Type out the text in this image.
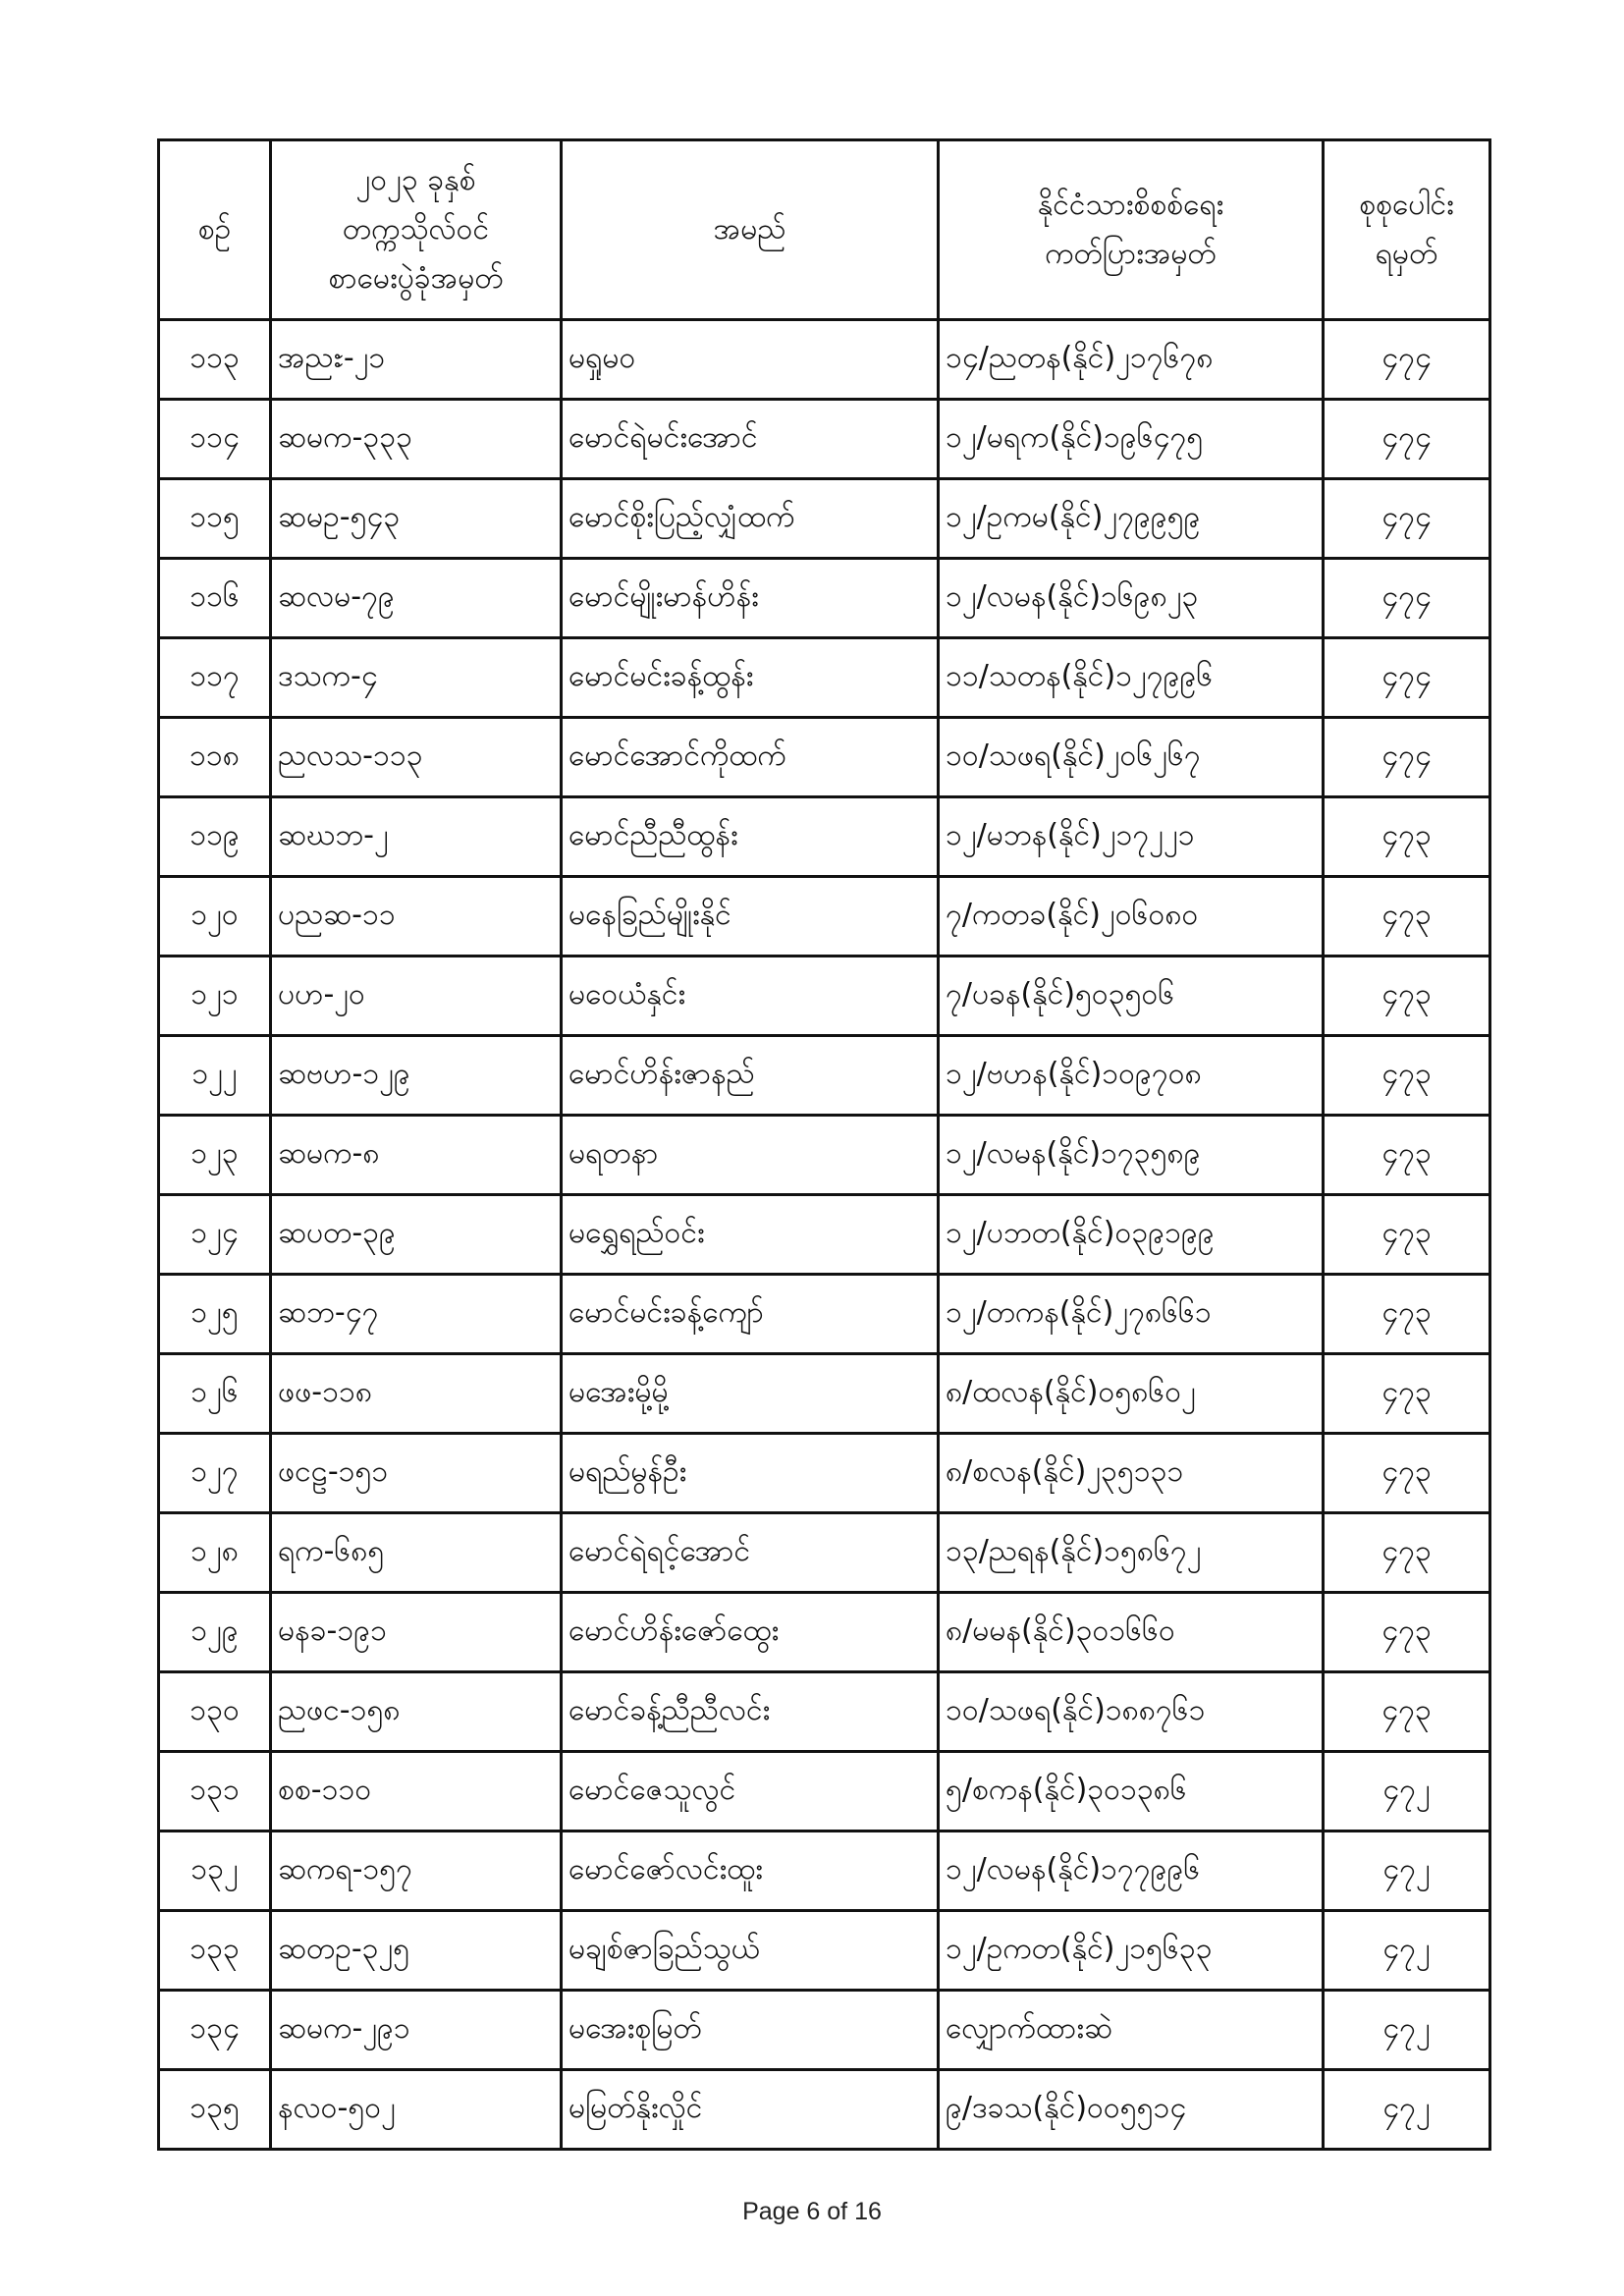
စဉ်	၂၀၂၃ ခုနှစ်
တက္ကသိုလ်ဝင်
စာမေးပွဲခုံအမှတ်	အမည်	နိုင်ငံသားစိစစ်ရေး
ကတ်ပြားအမှတ်	စုစုပေါင်း
ရမှတ်

၁၁၃	အညႊ-၂၁	မရှုမဝ	၁၄/ညတန(နိုင်)၂၁၇၆၇၈	၄၇၄
၁၁၄	ဆမက-၃၃၃	မောင်ရဲမင်းအောင်	၁၂/မရက(နိုင်)၁၉၆၄၇၅	၄၇၄
၁၁၅	ဆမဥ-၅၄၃	မောင်စိုးပြည့်လျှံထက်	၁၂/ဥကမ(နိုင်)၂၇၉၉၅၉	၄၇၄
၁၁၆	ဆလမ-၇၉	မောင်မျိုးမာန်ဟိန်း	၁၂/လမန(နိုင်)၁၆၉၈၂၃	၄၇၄
၁၁၇	ဒသက-၄	မောင်မင်းခန့်ထွန်း	၁၁/သတန(နိုင်)၁၂၇၉၉၆	၄၇၄
၁၁၈	ညလသ-၁၁၃	မောင်အောင်ကိုထက်	၁၀/သဖရ(နိုင်)၂၀၆၂၆၇	၄၇၄
၁၁၉	ဆဃဘ-၂	မောင်ညီညီထွန်း	၁၂/မဘန(နိုင်)၂၁၇၂၂၁	၄၇၃
၁၂၀	ပညဆ-၁၁	မနေခြည်မျိုးနိုင်	၇/ကတခ(နိုင်)၂၀၆၀၈၀	၄၇၃
၁၂၁	ပဟ-၂၀	မဝေယံနှင်း	၇/ပခန(နိုင်)၅၀၃၅၀၆	၄၇၃
၁၂၂	ဆဗဟ-၁၂၉	မောင်ဟိန်းဇာနည်	၁၂/ဗဟန(နိုင်)၁၀၉၇၀၈	၄၇၃
၁၂၃	ဆမက-၈	မရတနာ	၁၂/လမန(နိုင်)၁၇၃၅၈၉	၄၇၃
၁၂၄	ဆပတ-၃၉	မရွှေရည်ဝင်း	၁၂/ပဘတ(နိုင်)၀၃၉၁၉၉	၄၇၃
၁၂၅	ဆဘ-၄၇	မောင်မင်းခန့်ကျော်	၁၂/တကန(နိုင်)၂၇၈၆၆၁	၄၇၃
၁၂၆	ဖဖ-၁၁၈	မအေးမို့မို့	၈/ထလန(နိုင်)၀၅၈၆၀၂	၄၇၃
၁၂၇	ဖငဠ-၁၅၁	မရည်မွန်ဦး	၈/စလန(နိုင်)၂၃၅၁၃၁	၄၇၃
၁၂၈	ရက-၆၈၅	မောင်ရဲရင့်အောင်	၁၃/ညရန(နိုင်)၁၅၈၆၇၂	၄၇၃
၁၂၉	မနခ-၁၉၁	မောင်ဟိန်းဇော်ထွေး	၈/မမန(နိုင်)၃၀၁၆၆၀	၄၇၃
၁၃၀	ညဖင-၁၅၈	မောင်ခန့်ညီညီလင်း	၁၀/သဖရ(နိုင်)၁၈၈၇၆၁	၄၇၃
၁၃၁	စစ-၁၁၀	မောင်ဇေသူလွင်	၅/စကန(နိုင်)၃၀၁၃၈၆	၄၇၂
၁၃၂	ဆကရ-၁၅၇	မောင်ဇော်လင်းထူး	၁၂/လမန(နိုင်)၁၇၇၉၉၆	၄၇၂
၁၃၃	ဆတဥ-၃၂၅	မချစ်ဇာခြည်သွယ်	၁၂/ဥကတ(နိုင်)၂၁၅၆၃၃	၄၇၂
၁၃၄	ဆမက-၂၉၁	မအေးစုမြတ်	လျှောက်ထားဆဲ	၄၇၂
၁၃၅	နလ၀-၅၀၂	မမြတ်နိုးလှိုင်	၉/ဒခသ(နိုင်)၀၀၅၅၁၄	၄၇၂
Page 6 of 16
